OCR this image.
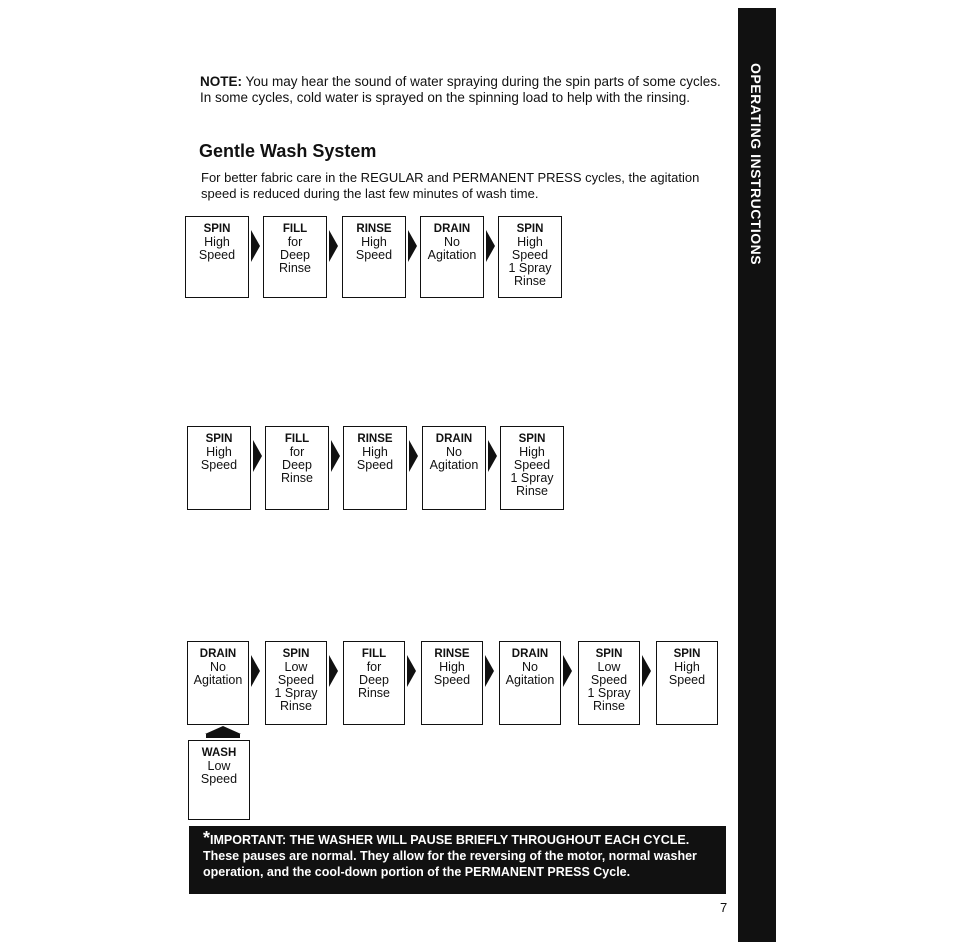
NOTE: You may hear the sound of water spraying during the spin parts of some cycles. In some cycles, cold water is sprayed on the spinning load to help with the rinsing.
Gentle Wash System
For better fabric care in the REGULAR and PERMANENT PRESS cycles, the agitation speed is reduced during the last few minutes of wash time.
SPIN
High
Speed
FILL
for
Deep
Rinse
RINSE
High
Speed
DRAIN
No
Agitation
SPIN
High
Speed
1 Spray
Rinse
SPIN
High
Speed
FILL
for
Deep
Rinse
RINSE
High
Speed
DRAIN
No
Agitation
SPIN
High
Speed
1 Spray
Rinse
DRAIN
No
Agitation
SPIN
Low
Speed
1 Spray
Rinse
FILL
for
Deep
Rinse
RINSE
High
Speed
DRAIN
No
Agitation
SPIN
Low
Speed
1 Spray
Rinse
SPIN
High
Speed
WASH
Low
Speed
*IMPORTANT: THE WASHER WILL PAUSE BRIEFLY THROUGHOUT EACH CYCLE.
These pauses are normal. They allow for the reversing of the motor, normal washer operation, and the cool-down portion of the PERMANENT PRESS Cycle.
OPERATING INSTRUCTIONS
7
